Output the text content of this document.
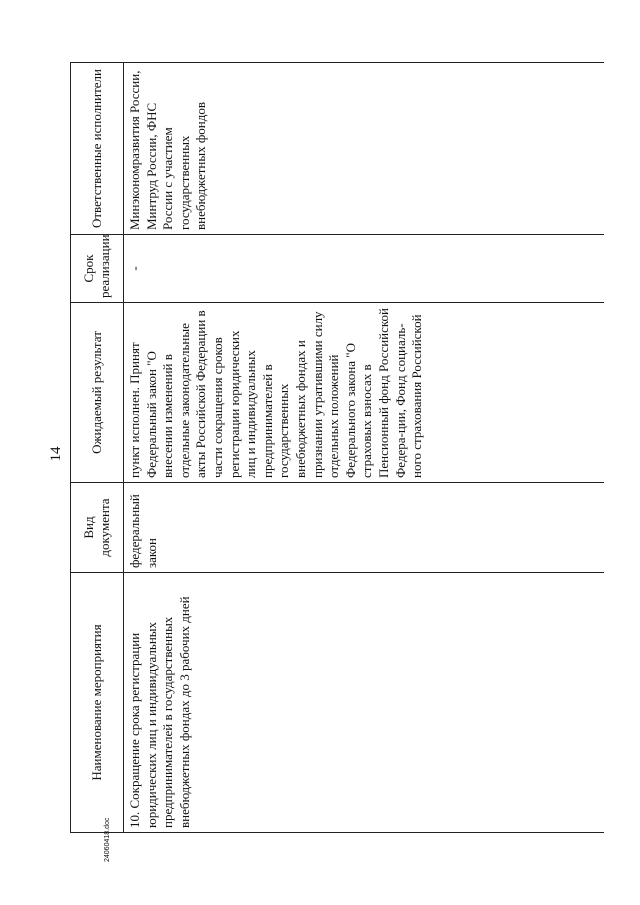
14
Наименование мероприятия	Вид документа	Ожидаемый результат	Срок реализации	Ответственные исполнители
10. Сокращение срока регистрации юридических лиц и индивидуальных предпринимателей в государственных внебюджетных фондах до 3 рабочих дней	федеральный закон	пункт исполнен. Принят Федеральный закон "О внесении изменений в отдельные законодательные акты Российской Федерации в части сокращения сроков регистрации юридических лиц и индивидуальных предпринимателей в государственных внебюджетных фондах и признании утратившими силу отдельных положений Федерального закона "О страховых взносах в Пенсионный фонд Российской Федера-ции, Фонд социаль-ного страхования Российской	-	Минэкономразвития России, Минтруд России, ФНС России с участием государственных внебюджетных фондов
24060418.doc
